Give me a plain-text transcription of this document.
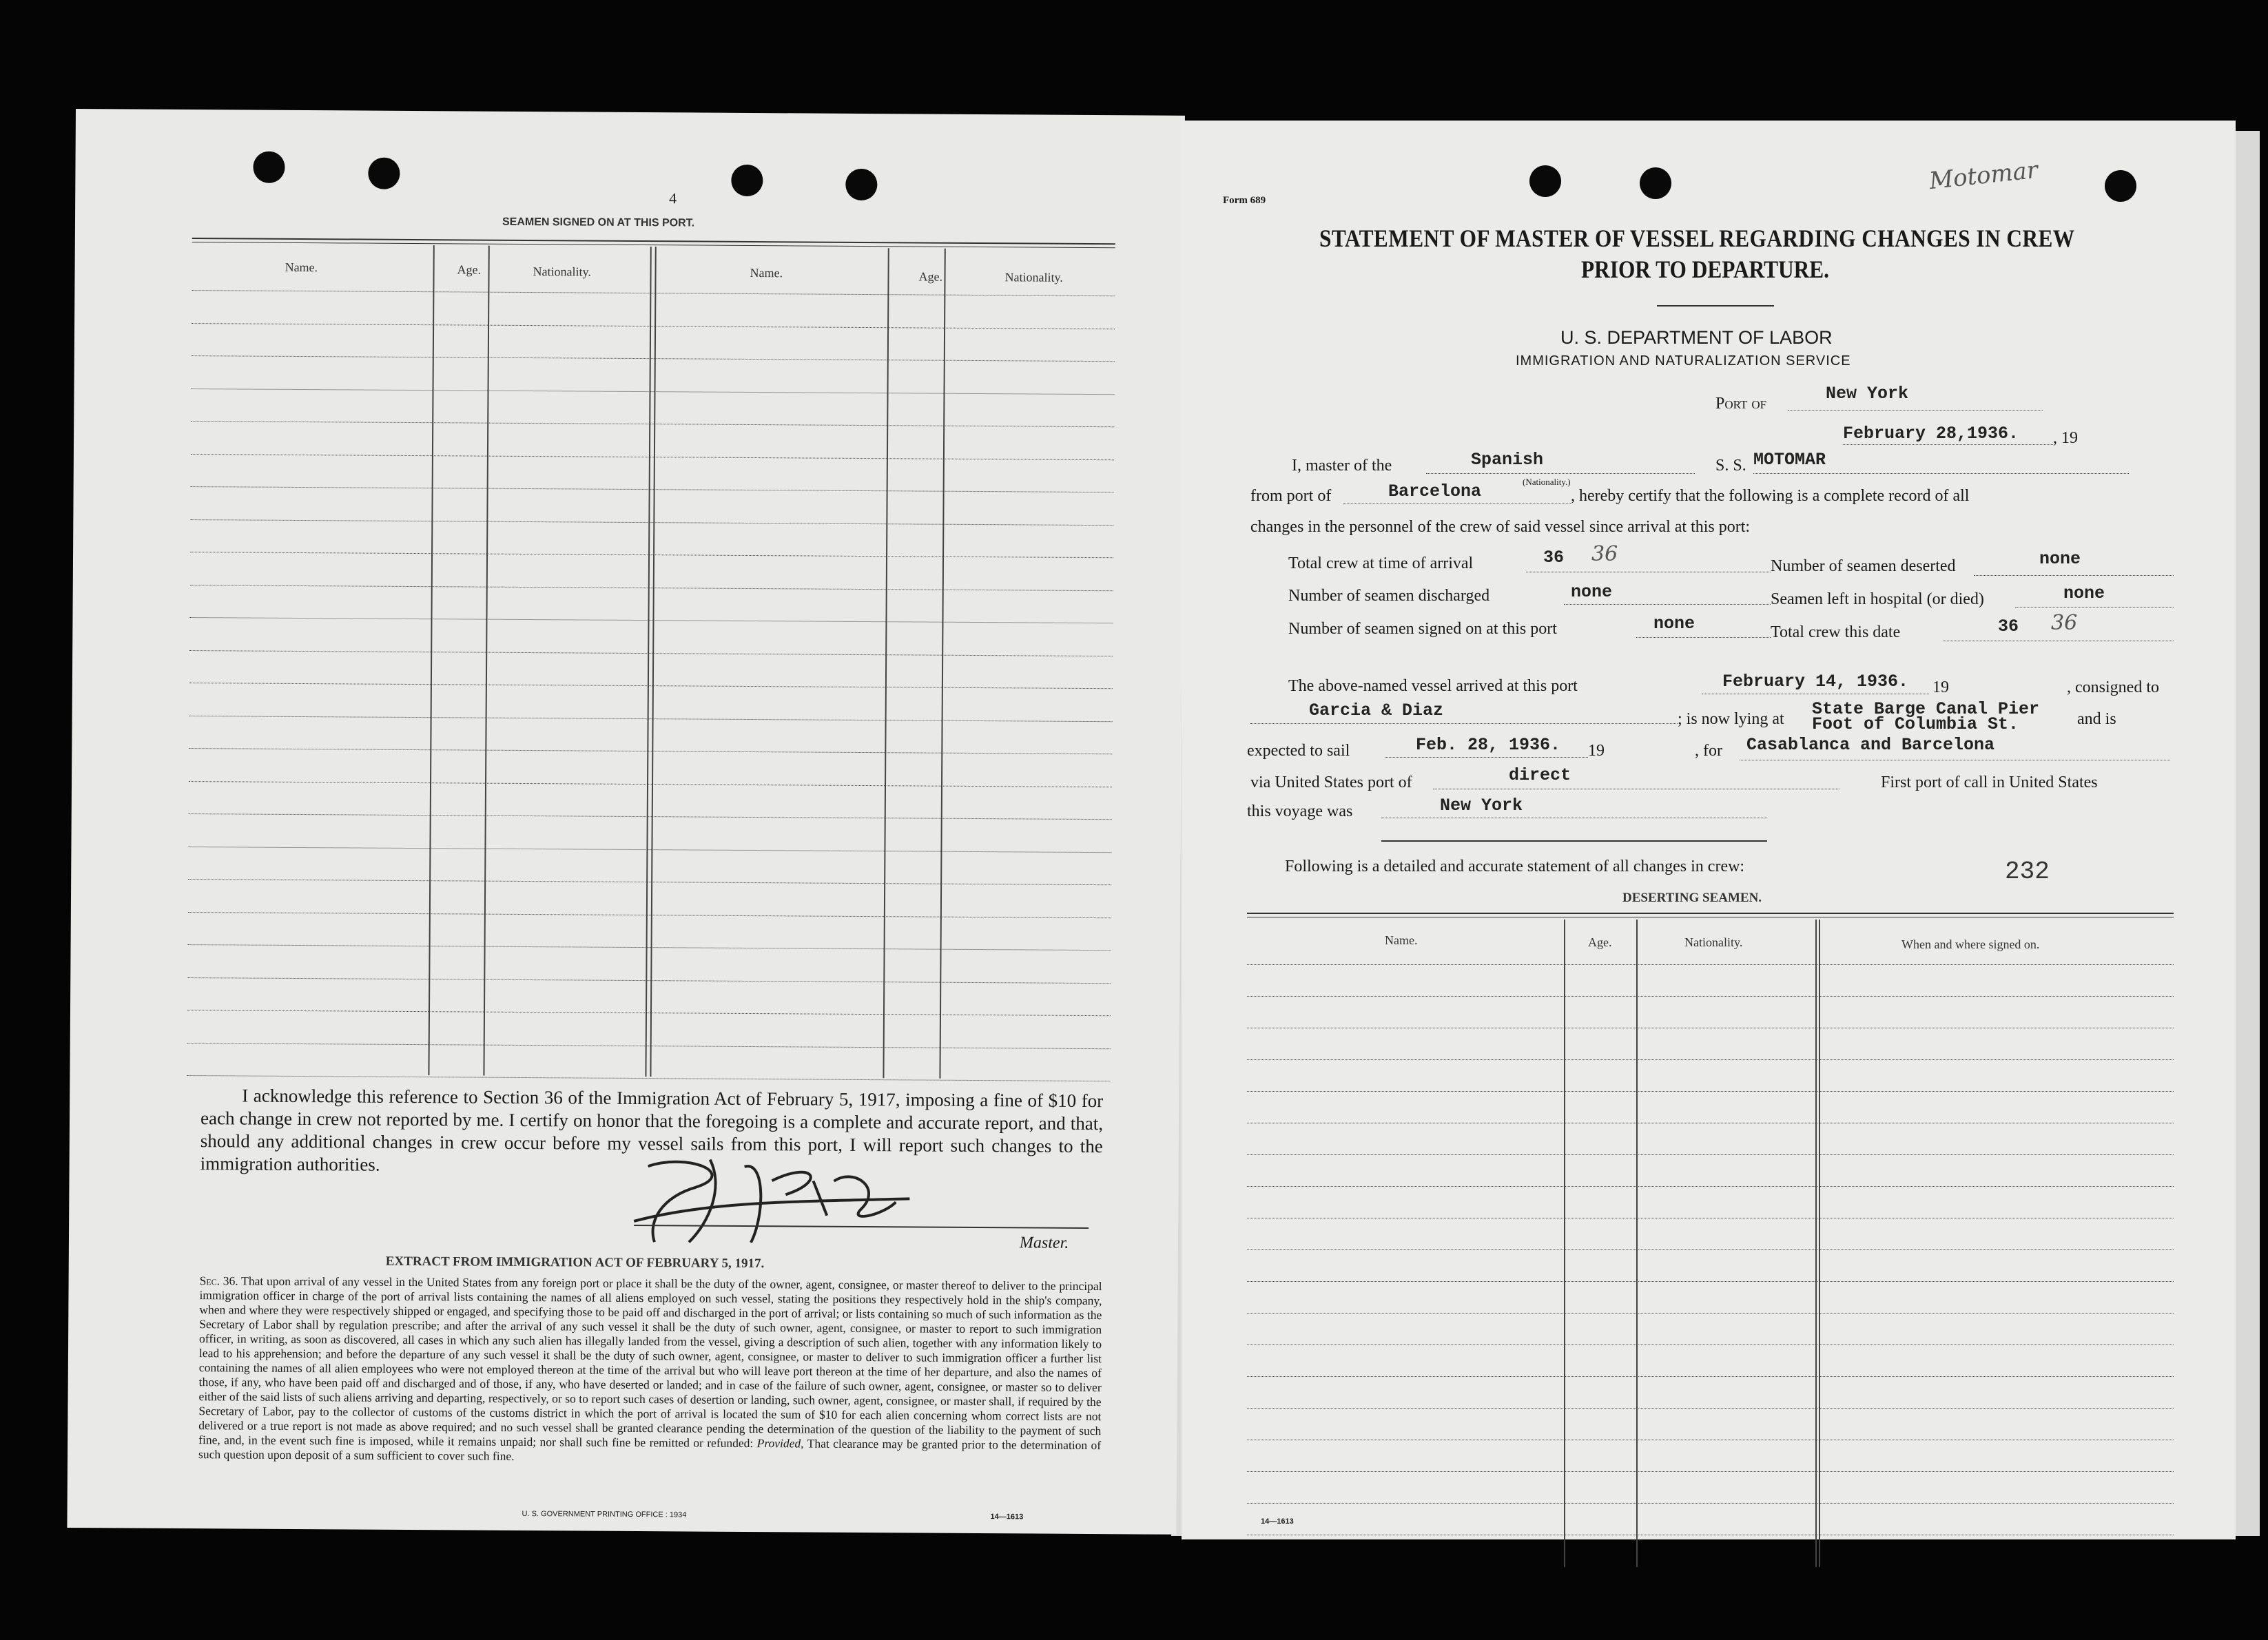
4
SEAMEN SIGNED ON AT THIS PORT.
Name.	Age.	Nationality.	Name.	Age.	Nationality.
I acknowledge this reference to Section 36 of the Immigration Act of February 5, 1917, imposing a fine of $10 for each change in crew not reported by me. I certify on honor that the foregoing is a complete and accurate report, and that, should any additional changes in crew occur before my vessel sails from this port, I will report such changes to the immigration authorities.
Master.
EXTRACT FROM IMMIGRATION ACT OF FEBRUARY 5, 1917.
Sec. 36. That upon arrival of any vessel in the United States from any foreign port or place it shall be the duty of the owner, agent, consignee, or master thereof to deliver to the principal immigration officer in charge of the port of arrival lists containing the names of all aliens employed on such vessel, stating the positions they respectively hold in the ship's company, when and where they were respectively shipped or engaged, and specifying those to be paid off and discharged in the port of arrival; or lists containing so much of such information as the Secretary of Labor shall by regulation prescribe; and after the arrival of any such vessel it shall be the duty of such owner, agent, consignee, or master to report to such immigration officer, in writing, as soon as discovered, all cases in which any such alien has illegally landed from the vessel, giving a description of such alien, together with any information likely to lead to his apprehension; and before the departure of any such vessel it shall be the duty of such owner, agent, consignee, or master to deliver to such immigration officer a further list containing the names of all alien employees who were not employed thereon at the time of the arrival but who will leave port thereon at the time of her departure, and also the names of those, if any, who have been paid off and discharged and of those, if any, who have deserted or landed; and in case of the failure of such owner, agent, consignee, or master so to deliver either of the said lists of such aliens arriving and departing, respectively, or so to report such cases of desertion or landing, such owner, agent, consignee, or master shall, if required by the Secretary of Labor, pay to the collector of customs of the customs district in which the port of arrival is located the sum of $10 for each alien concerning whom correct lists are not delivered or a true report is not made as above required; and no such vessel shall be granted clearance pending the determination of the question of the liability to the payment of such fine, and, in the event such fine is imposed, while it remains unpaid; nor shall such fine be remitted or refunded: Provided, That clearance may be granted prior to the determination of such question upon deposit of a sum sufficient to cover such fine.
U. S. GOVERNMENT PRINTING OFFICE : 1934	14—1613
Motomar
Form 689
STATEMENT OF MASTER OF VESSEL REGARDING CHANGES IN CREW
PRIOR TO DEPARTURE.
U. S. DEPARTMENT OF LABOR
IMMIGRATION AND NATURALIZATION SERVICE
Port of	New York
February 28,1936. , 19
I, master of the	Spanish
(Nationality.)
S. S. MOTOMAR
from port of	Barcelona	, hereby certify that the following is a complete record of all
changes in the personnel of the crew of said vessel since arrival at this port:
Total crew at time of arrival	36 36	Number of seamen deserted	none
Number of seamen discharged	none	Seamen left in hospital (or died)	none
Number of seamen signed on at this port	none	Total crew this date	36 36
The above-named vessel arrived at this port	February 14, 1936. 19	, consigned to
Garcia & Diaz	; is now lying at State Barge Canal Pier
Foot of Columbia St.	and is
expected to sail	Feb. 28, 1936. 19	, for Casablanca and Barcelona
via United States port of	direct	First port of call in United States
this voyage was	New York
Following is a detailed and accurate statement of all changes in crew:	232
DESERTING SEAMEN.
Name.	Age.	Nationality.	When and where signed on.
14—1613
